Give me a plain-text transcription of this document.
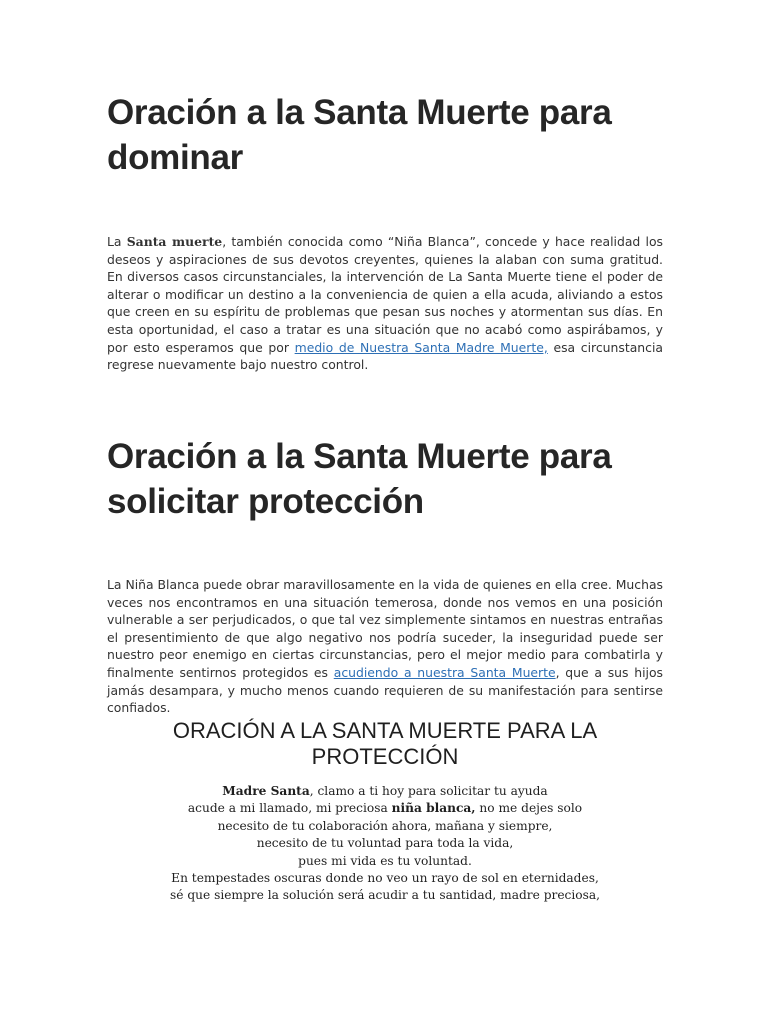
Oración a la Santa Muerte para dominar

La Santa muerte, también conocida como “Niña Blanca”, concede y hace realidad los deseos y aspiraciones de sus devotos creyentes, quienes la alaban con suma gratitud. En diversos casos circunstanciales, la intervención de La Santa Muerte tiene el poder de alterar o modificar un destino a la conveniencia de quien a ella acuda, aliviando a estos que creen en su espíritu de problemas que pesan sus noches y atormentan sus días. En esta oportunidad, el caso a tratar es una situación que no acabó como aspirábamos, y por esto esperamos que por medio de Nuestra Santa Madre Muerte, esa circunstancia regrese nuevamente bajo nuestro control.

Oración a la Santa Muerte para solicitar protección

La Niña Blanca puede obrar maravillosamente en la vida de quienes en ella cree. Muchas veces nos encontramos en una situación temerosa, donde nos vemos en una posición vulnerable a ser perjudicados, o que tal vez simplemente sintamos en nuestras entrañas el presentimiento de que algo negativo nos podría suceder, la inseguridad puede ser nuestro peor enemigo en ciertas circunstancias, pero el mejor medio para combatirla y finalmente sentirnos protegidos es acudiendo a nuestra Santa Muerte, que a sus hijos jamás desampara, y mucho menos cuando requieren de su manifestación para sentirse confiados.

ORACIÓN A LA SANTA MUERTE PARA LA PROTECCIÓN
Madre Santa, clamo a ti hoy para solicitar tu ayuda
acude a mi llamado, mi preciosa niña blanca, no me dejes solo
necesito de tu colaboración ahora, mañana y siempre,
necesito de tu voluntad para toda la vida,
pues mi vida es tu voluntad.
En tempestades oscuras donde no veo un rayo de sol en eternidades,
sé que siempre la solución será acudir a tu santidad, madre preciosa,
